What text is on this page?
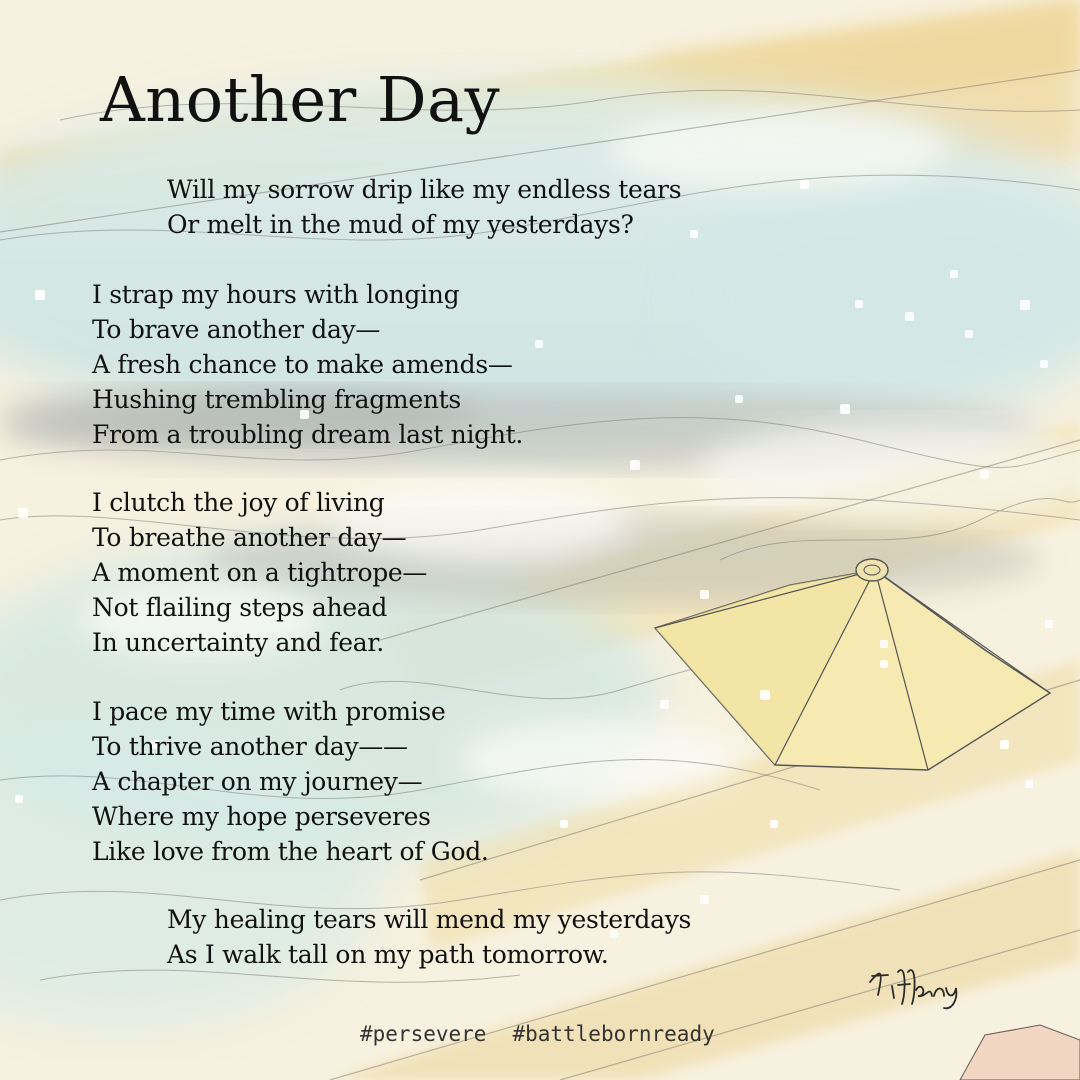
Another Day

Will my sorrow drip like my endless tears

Or melt in the mud of my yesterdays?

I strap my hours with longing

To brave another day—

A fresh chance to make amends—

Hushing trembling fragments

From a troubling dream last night.

I clutch the joy of living

To breathe another day—

A moment on a tightrope—

Not flailing steps ahead

In uncertainty and fear.

I pace my time with promise

To thrive another day——

A chapter on my journey—

Where my hope perseveres

Like love from the heart of God.

My healing tears will mend my yesterdays

As I walk tall on my path tomorrow.

#persevere #battlebornready
